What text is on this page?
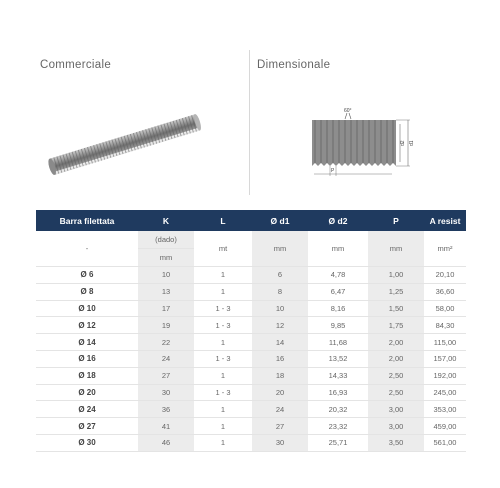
Commerciale	Dimensionale
60°
d2 d1
P
Barra filettata	K	L	Ø d1	Ø d2	P	A resist
-	(dado)	mt	mm	mm	mm	mm²
	mm					
Ø 6	10	1	6	4,78	1,00	20,10
Ø 8	13	1	8	6,47	1,25	36,60
Ø 10	17	1 - 3	10	8,16	1,50	58,00
Ø 12	19	1 - 3	12	9,85	1,75	84,30
Ø 14	22	1	14	11,68	2,00	115,00
Ø 16	24	1 - 3	16	13,52	2,00	157,00
Ø 18	27	1	18	14,33	2,50	192,00
Ø 20	30	1 - 3	20	16,93	2,50	245,00
Ø 24	36	1	24	20,32	3,00	353,00
Ø 27	41	1	27	23,32	3,00	459,00
Ø 30	46	1	30	25,71	3,50	561,00
